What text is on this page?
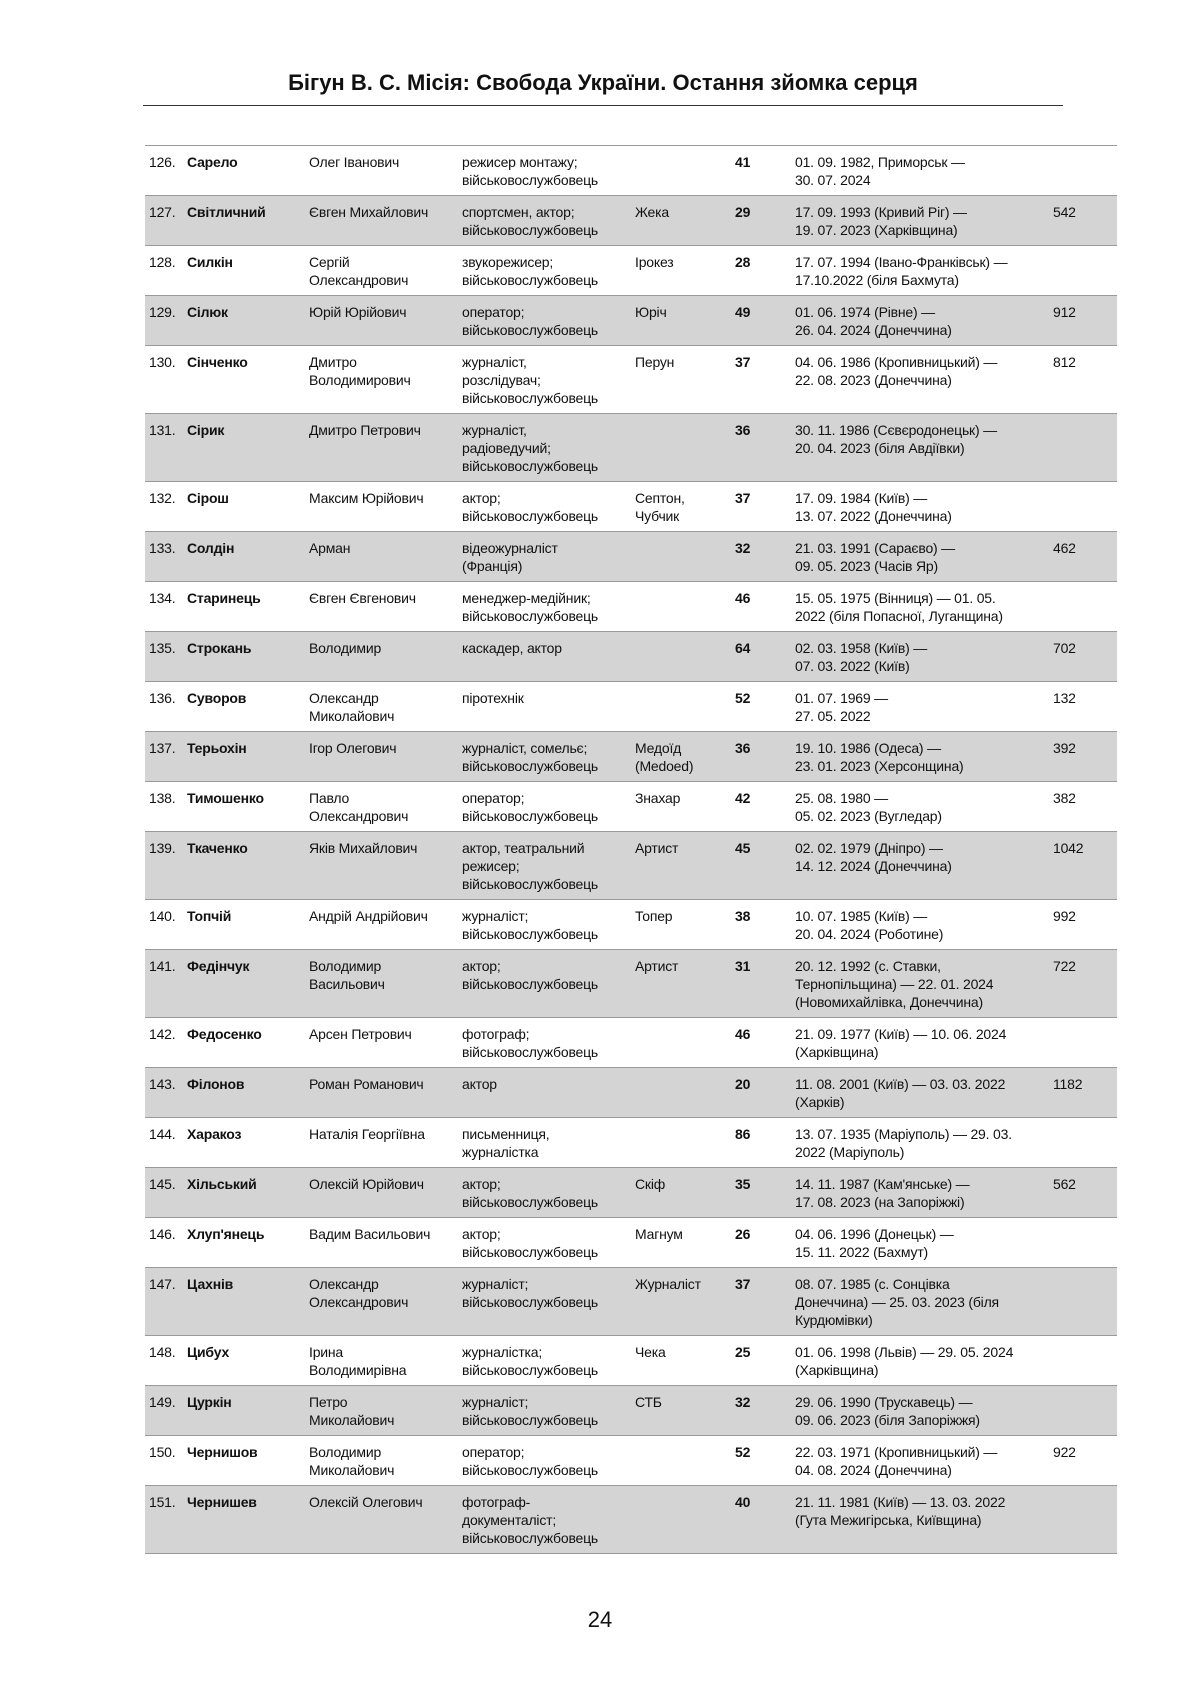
Бігун В. С. Місія: Свобода України. Остання зйомка серця
126.	Сарело	Олег Іванович	режисер монтажу;
військовослужбовець		41	01. 09. 1982, Приморськ —
30. 07. 2024	
127.	Світличний	Євген Михайлович	спортсмен, актор;
військовослужбовець	Жека	29	17. 09. 1993 (Кривий Ріг) —
19. 07. 2023 (Харківщина)	542
128.	Силкін	Сергій
Олександрович	звукорежисер;
військовослужбовець	Ірокез	28	17. 07. 1994 (Івано-Франківськ) —
17.10.2022 (біля Бахмута)	
129.	Сілюк	Юрій Юрійович	оператор;
військовослужбовець	Юріч	49	01. 06. 1974 (Рівне) —
26. 04. 2024 (Донеччина)	912
130.	Сінченко	Дмитро
Володимирович	журналіст,
розслідувач;
військовослужбовець	Перун	37	04. 06. 1986 (Кропивницький) —
22. 08. 2023 (Донеччина)	812
131.	Сірик	Дмитро Петрович	журналіст,
радіоведучий;
військовослужбовець		36	30. 11. 1986 (Сєвєродонецьк) —
20. 04. 2023 (біля Авдіївки)	
132.	Сірош	Максим Юрійович	актор;
військовослужбовець	Септон,
Чубчик	37	17. 09. 1984 (Київ) —
13. 07. 2022 (Донеччина)	
133.	Солдін	Арман	відеожурналіст
(Франція)		32	21. 03. 1991 (Сараєво) —
09. 05. 2023 (Часів Яр)	462
134.	Старинець	Євген Євгенович	менеджер-медійник;
військовослужбовець		46	15. 05. 1975 (Вінниця) — 01. 05.
2022 (біля Попасної, Луганщина)	
135.	Строкань	Володимир	каскадер, актор		64	02. 03. 1958 (Київ) —
07. 03. 2022 (Київ)	702
136.	Суворов	Олександр
Миколайович	піротехнік		52	01. 07. 1969 —
27. 05. 2022	132
137.	Терьохін	Ігор Олегович	журналіст, сомельє;
військовослужбовець	Медоїд
(Medoed)	36	19. 10. 1986 (Одеса) —
23. 01. 2023 (Херсонщина)	392
138.	Тимошенко	Павло
Олександрович	оператор;
військовослужбовець	Знахар	42	25. 08. 1980 —
05. 02. 2023 (Вугледар)	382
139.	Ткаченко	Яків Михайлович	актор, театральний
режисер;
військовослужбовець	Артист	45	02. 02. 1979 (Дніпро) —
14. 12. 2024 (Донеччина)	1042
140.	Топчій	Андрій Андрійович	журналіст;
військовослужбовець	Топер	38	10. 07. 1985 (Київ) —
20. 04. 2024 (Роботине)	992
141.	Федінчук	Володимир
Васильович	актор;
військовослужбовець	Артист	31	20. 12. 1992 (с. Ставки,
Тернопільщина) — 22. 01. 2024
(Новомихайлівка, Донеччина)	722
142.	Федосенко	Арсен Петрович	фотограф;
військовослужбовець		46	21. 09. 1977 (Київ) — 10. 06. 2024
(Харківщина)	
143.	Філонов	Роман Романович	актор		20	11. 08. 2001 (Київ) — 03. 03. 2022
(Харків)	1182
144.	Харакоз	Наталія Георгіївна	письменниця,
журналістка		86	13. 07. 1935 (Маріуполь) — 29. 03.
2022 (Маріуполь)	
145.	Хільський	Олексій Юрійович	актор;
військовослужбовець	Скіф	35	14. 11. 1987 (Кам'янське) —
17. 08. 2023 (на Запоріжжі)	562
146.	Хлуп'янець	Вадим Васильович	актор;
військовослужбовець	Магнум	26	04. 06. 1996 (Донецьк) —
15. 11. 2022 (Бахмут)	
147.	Цахнів	Олександр
Олександрович	журналіст;
військовослужбовець	Журналіст	37	08. 07. 1985 (с. Сонцівка
Донеччина) — 25. 03. 2023 (біля
Курдюмівки)	
148.	Цибух	Ірина
Володимирівна	журналістка;
військовослужбовець	Чека	25	01. 06. 1998 (Львів) — 29. 05. 2024
(Харківщина)	
149.	Цуркін	Петро
Миколайович	журналіст;
військовослужбовець	СТБ	32	29. 06. 1990 (Трускавець) —
09. 06. 2023 (біля Запоріжжя)	
150.	Чернишов	Володимир
Миколайович	оператор;
військовослужбовець		52	22. 03. 1971 (Кропивницький) —
04. 08. 2024 (Донеччина)	922
151.	Чернишев	Олексій Олегович	фотограф-
документаліст;
військовослужбовець		40	21. 11. 1981 (Київ) — 13. 03. 2022
(Гута Межигірська, Київщина)	
24
